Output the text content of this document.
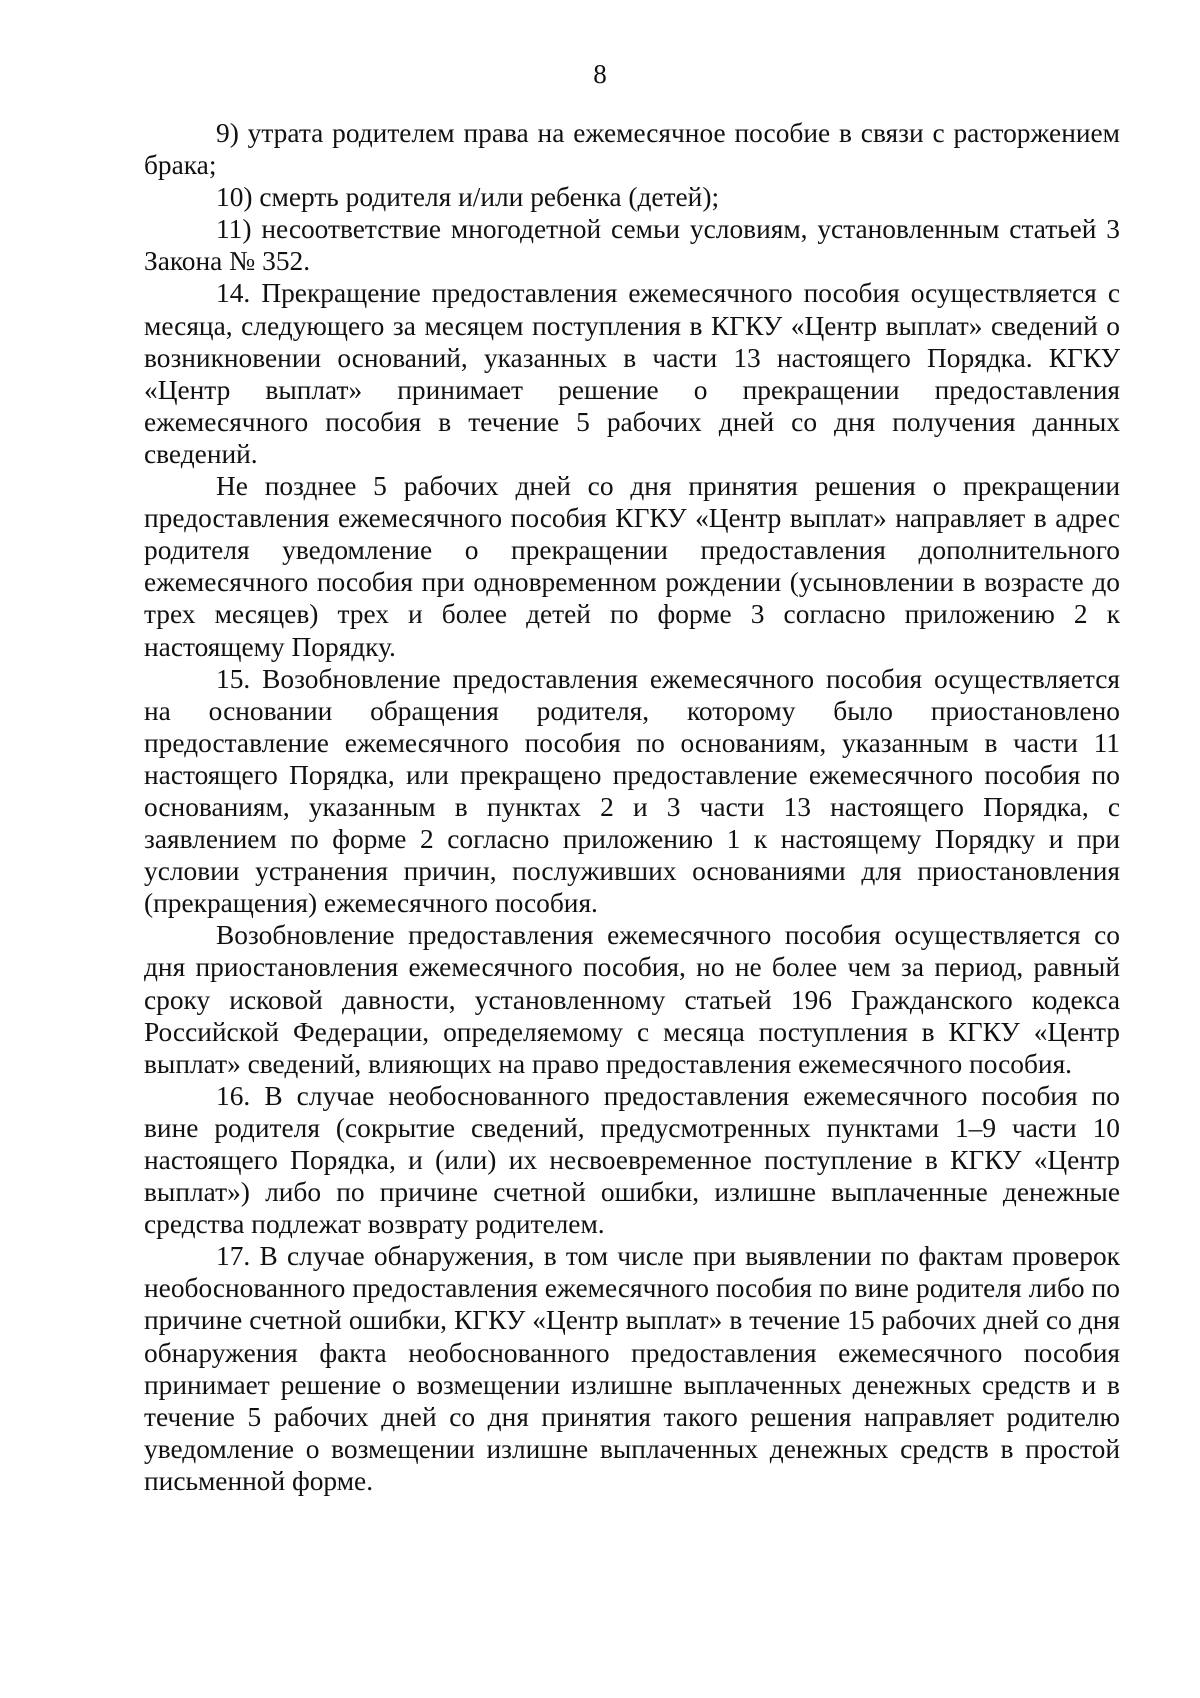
8

9) утрата родителем права на ежемесячное пособие в связи с расторжением брака;

10) смерть родителя и/или ребенка (детей);

11) несоответствие многодетной семьи условиям, установленным статьей 3 Закона № 352.

14. Прекращение предоставления ежемесячного пособия осуществляется с месяца, следующего за месяцем поступления в КГКУ «Центр выплат» сведений о возникновении оснований, указанных в части 13 настоящего Порядка. КГКУ «Центр выплат» принимает решение о прекращении предоставления ежемесячного пособия в течение 5 рабочих дней со дня получения данных сведений.

Не позднее 5 рабочих дней со дня принятия решения о прекращении предоставления ежемесячного пособия КГКУ «Центр выплат» направляет в адрес родителя уведомление о прекращении предоставления дополнительного ежемесячного пособия при одновременном рождении (усыновлении в возрасте до трех месяцев) трех и более детей по форме 3 согласно приложению 2 к настоящему Порядку.

15. Возобновление предоставления ежемесячного пособия осуществляется на основании обращения родителя, которому было приостановлено предоставление ежемесячного пособия по основаниям, указанным в части 11 настоящего Порядка, или прекращено предоставление ежемесячного пособия по основаниям, указанным в пунктах 2 и 3 части 13 настоящего Порядка, с заявлением по форме 2 согласно приложению 1 к настоящему Порядку и при условии устранения причин, послуживших основаниями для приостановления (прекращения) ежемесячного пособия.

Возобновление предоставления ежемесячного пособия осуществляется со дня приостановления ежемесячного пособия, но не более чем за период, равный сроку исковой давности, установленному статьей 196 Гражданского кодекса Российской Федерации, определяемому с месяца поступления в КГКУ «Центр выплат» сведений, влияющих на право предоставления ежемесячного пособия.

16. В случае необоснованного предоставления ежемесячного пособия по вине родителя (сокрытие сведений, предусмотренных пунктами 1–9 части 10 настоящего Порядка, и (или) их несвоевременное поступление в КГКУ «Центр выплат») либо по причине счетной ошибки, излишне выплаченные денежные средства подлежат возврату родителем.

17. В случае обнаружения, в том числе при выявлении по фактам проверок необоснованного предоставления ежемесячного пособия по вине родителя либо по причине счетной ошибки, КГКУ «Центр выплат» в течение 15 рабочих дней со дня обнаружения факта необоснованного предоставления ежемесячного пособия принимает решение о возмещении излишне выплаченных денежных средств и в течение 5 рабочих дней со дня принятия такого решения направляет родителю уведомление о возмещении излишне выплаченных денежных средств в простой письменной форме.
